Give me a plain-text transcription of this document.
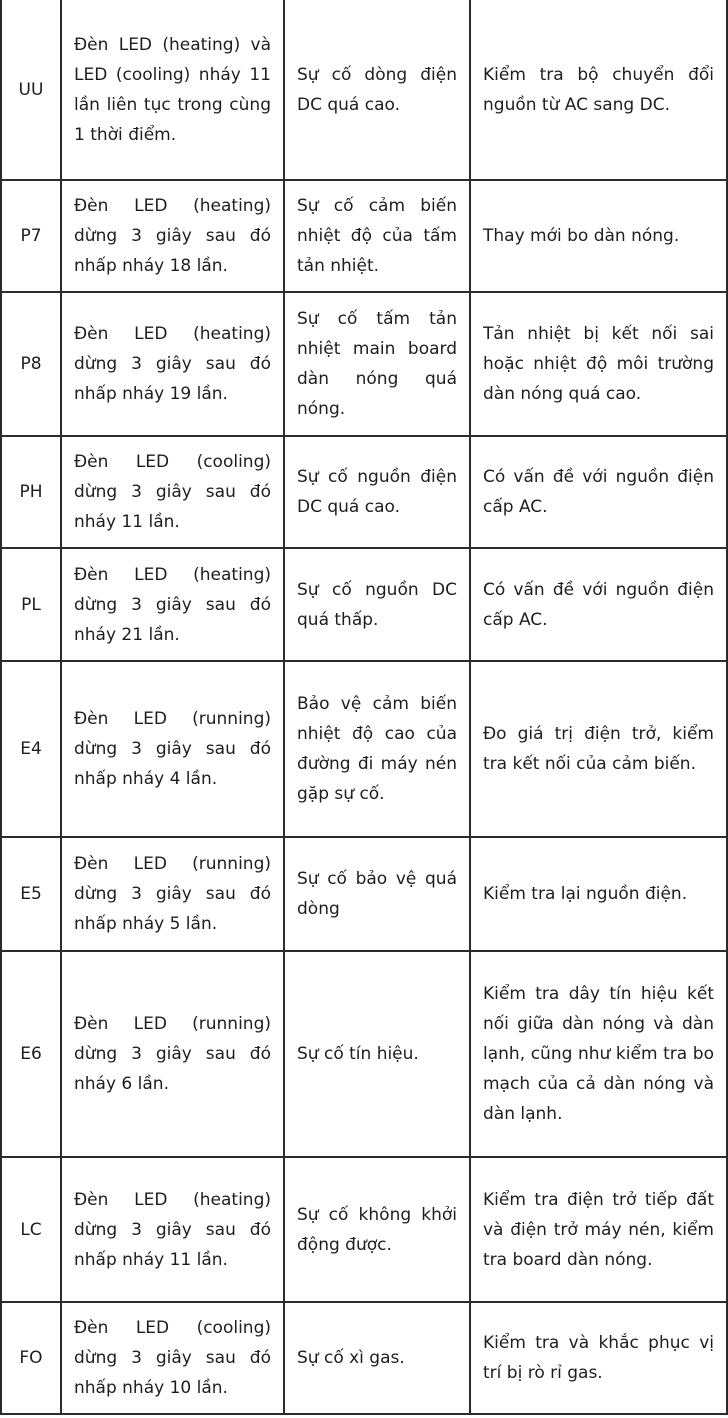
UU	Đèn LED (heating) và LED (cooling) nháy 11 lần liên tục trong cùng 1 thời điểm.	Sự cố dòng điện DC quá cao.	Kiểm tra bộ chuyển đổi nguồn từ AC sang DC.
P7	Đèn LED (heating) dừng 3 giây sau đó nhấp nháy 18 lần.	Sự cố cảm biến nhiệt độ của tấm tản nhiệt.	Thay mới bo dàn nóng.
P8	Đèn LED (heating) dừng 3 giây sau đó nhấp nháy 19 lần.	Sự cố tấm tản nhiệt main board dàn nóng quá nóng.	Tản nhiệt bị kết nối sai hoặc nhiệt độ môi trường dàn nóng quá cao.
PH	Đèn LED (cooling) dừng 3 giây sau đó nháy 11 lần.	Sự cố nguồn điện DC quá cao.	Có vấn đề với nguồn điện cấp AC.
PL	Đèn LED (heating) dừng 3 giây sau đó nháy 21 lần.	Sự cố nguồn DC quá thấp.	Có vấn đề với nguồn điện cấp AC.
E4	Đèn LED (running) dừng 3 giây sau đó nhấp nháy 4 lần.	Bảo vệ cảm biến nhiệt độ cao của đường đi máy nén gặp sự cố.	Đo giá trị điện trở, kiểm tra kết nối của cảm biến.
E5	Đèn LED (running) dừng 3 giây sau đó nhấp nháy 5 lần.	Sự cố bảo vệ quá dòng	Kiểm tra lại nguồn điện.
E6	Đèn LED (running) dừng 3 giây sau đó nháy 6 lần.	Sự cố tín hiệu.	Kiểm tra dây tín hiệu kết nối giữa dàn nóng và dàn lạnh, cũng như kiểm tra bo mạch của cả dàn nóng và dàn lạnh.
LC	Đèn LED (heating) dừng 3 giây sau đó nhấp nháy 11 lần.	Sự cố không khởi động được.	Kiểm tra điện trở tiếp đất và điện trở máy nén, kiểm tra board dàn nóng.
FO	Đèn LED (cooling) dừng 3 giây sau đó nhấp nháy 10 lần.	Sự cố xì gas.	Kiểm tra và khắc phục vị trí bị rò rỉ gas.
